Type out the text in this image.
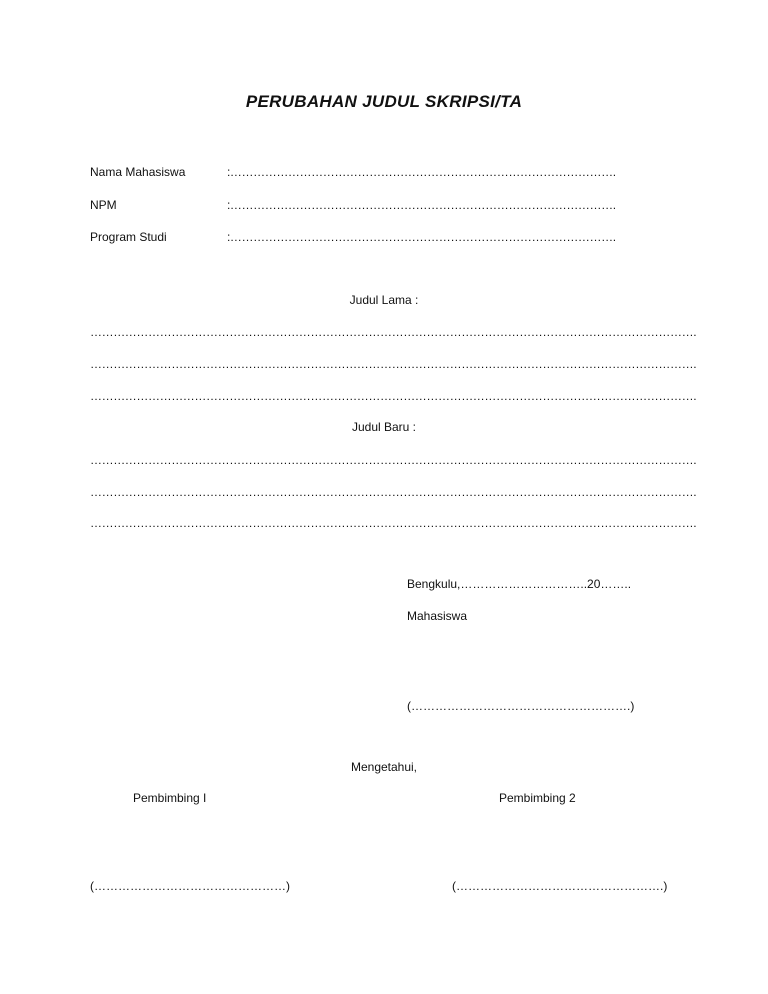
PERUBAHAN JUDUL SKRIPSI/TA
Nama Mahasiswa	:……………………………………………………………………………………….
NPM	:……………………………………………………………………………………….
Program Studi	:……………………………………………………………………………………….
Judul Lama :
………………………………………………………………………………………………………………………………………….
………………………………………………………………………………………………………………………………………….
………………………………………………………………………………………………………………………………………….
Judul Baru :
………………………………………………………………………………………………………………………………………….
………………………………………………………………………………………………………………………………………….
………………………………………………………………………………………………………………………………………….
Bengkulu,…………………………..20……..
Mahasiswa
(……………………………………………….)
Mengetahui,
Pembimbing I	Pembimbing 2
(…………………………………………)	(…………………………………………….)
